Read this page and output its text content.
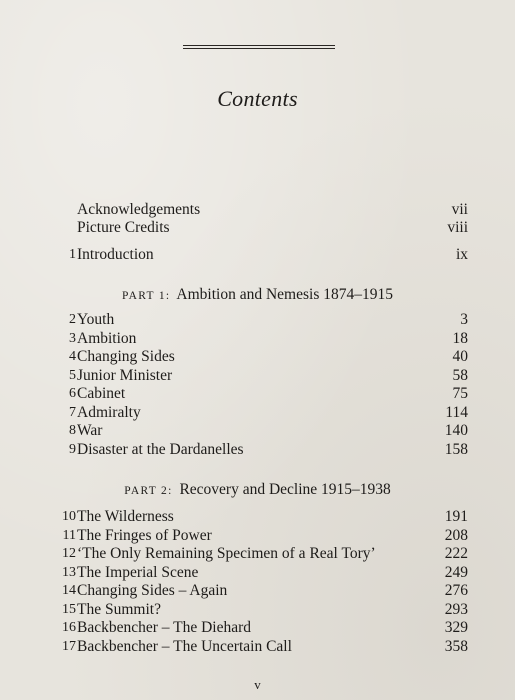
Contents
Acknowledgements	vii
Picture Credits	viii
1 Introduction	ix
PART 1: Ambition and Nemesis 1874–1915
2 Youth	3
3 Ambition	18
4 Changing Sides	40
5 Junior Minister	58
6 Cabinet	75
7 Admiralty	114
8 War	140
9 Disaster at the Dardanelles	158
PART 2: Recovery and Decline 1915–1938
10 The Wilderness	191
11 The Fringes of Power	208
12 ‘The Only Remaining Specimen of a Real Tory’	222
13 The Imperial Scene	249
14 Changing Sides – Again	276
15 The Summit?	293
16 Backbencher – The Diehard	329
17 Backbencher – The Uncertain Call	358
v
